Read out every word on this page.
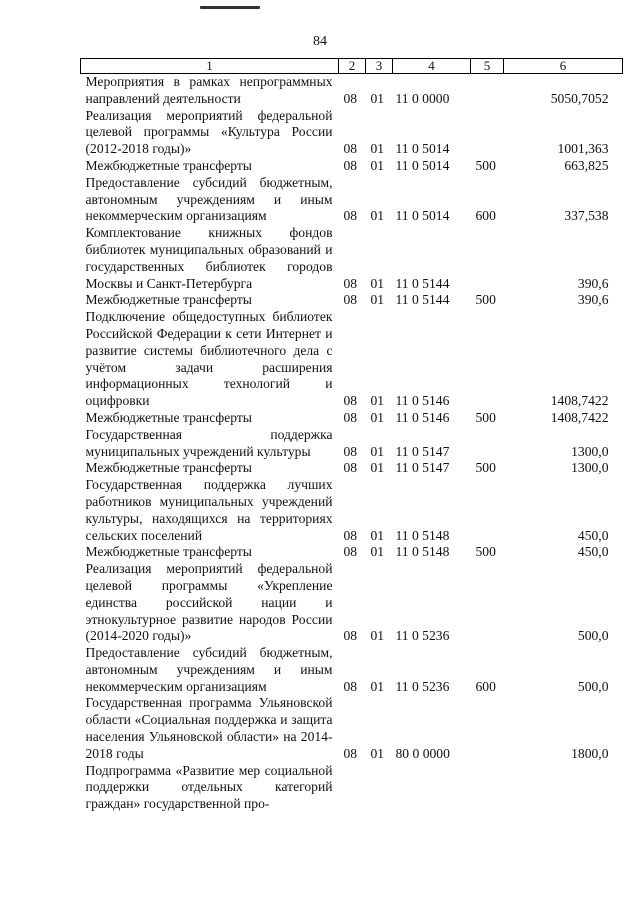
84
1	2	3	4	5	6
Мероприятия в рамках непрограммных направлений деятельности	08	01	11 0 0000		5050,7052
Реализация мероприятий федеральной целевой программы «Культура России (2012-2018 годы)»	08	01	11 0 5014		1001,363
Межбюджетные трансферты	08	01	11 0 5014	500	663,825
Предоставление субсидий бюджетным, автономным учреждениям и иным некоммерческим организациям	08	01	11 0 5014	600	337,538
Комплектование книжных фондов библиотек муниципальных образований и государственных библиотек городов Москвы и Санкт-Петербурга	08	01	11 0 5144		390,6
Межбюджетные трансферты	08	01	11 0 5144	500	390,6
Подключение общедоступных библиотек Российской Федерации к сети Интернет и развитие системы библиотечного дела с учётом задачи расширения информационных технологий и оцифровки	08	01	11 0 5146		1408,7422
Межбюджетные трансферты	08	01	11 0 5146	500	1408,7422
Государственная поддержка муниципальных учреждений культуры	08	01	11 0 5147		1300,0
Межбюджетные трансферты	08	01	11 0 5147	500	1300,0
Государственная поддержка лучших работников муниципальных учреждений культуры, находящихся на территориях сельских поселений	08	01	11 0 5148		450,0
Межбюджетные трансферты	08	01	11 0 5148	500	450,0
Реализация мероприятий федеральной целевой программы «Укрепление единства российской нации и этнокультурное развитие народов России (2014-2020 годы)»	08	01	11 0 5236		500,0
Предоставление субсидий бюджетным, автономным учреждениям и иным некоммерческим организациям	08	01	11 0 5236	600	500,0
Государственная программа Ульяновской области «Социальная поддержка и защита населения Ульяновской области» на 2014-2018 годы	08	01	80 0 0000		1800,0
Подпрограмма «Развитие мер социальной поддержки отдельных категорий граждан» государственной про-					
